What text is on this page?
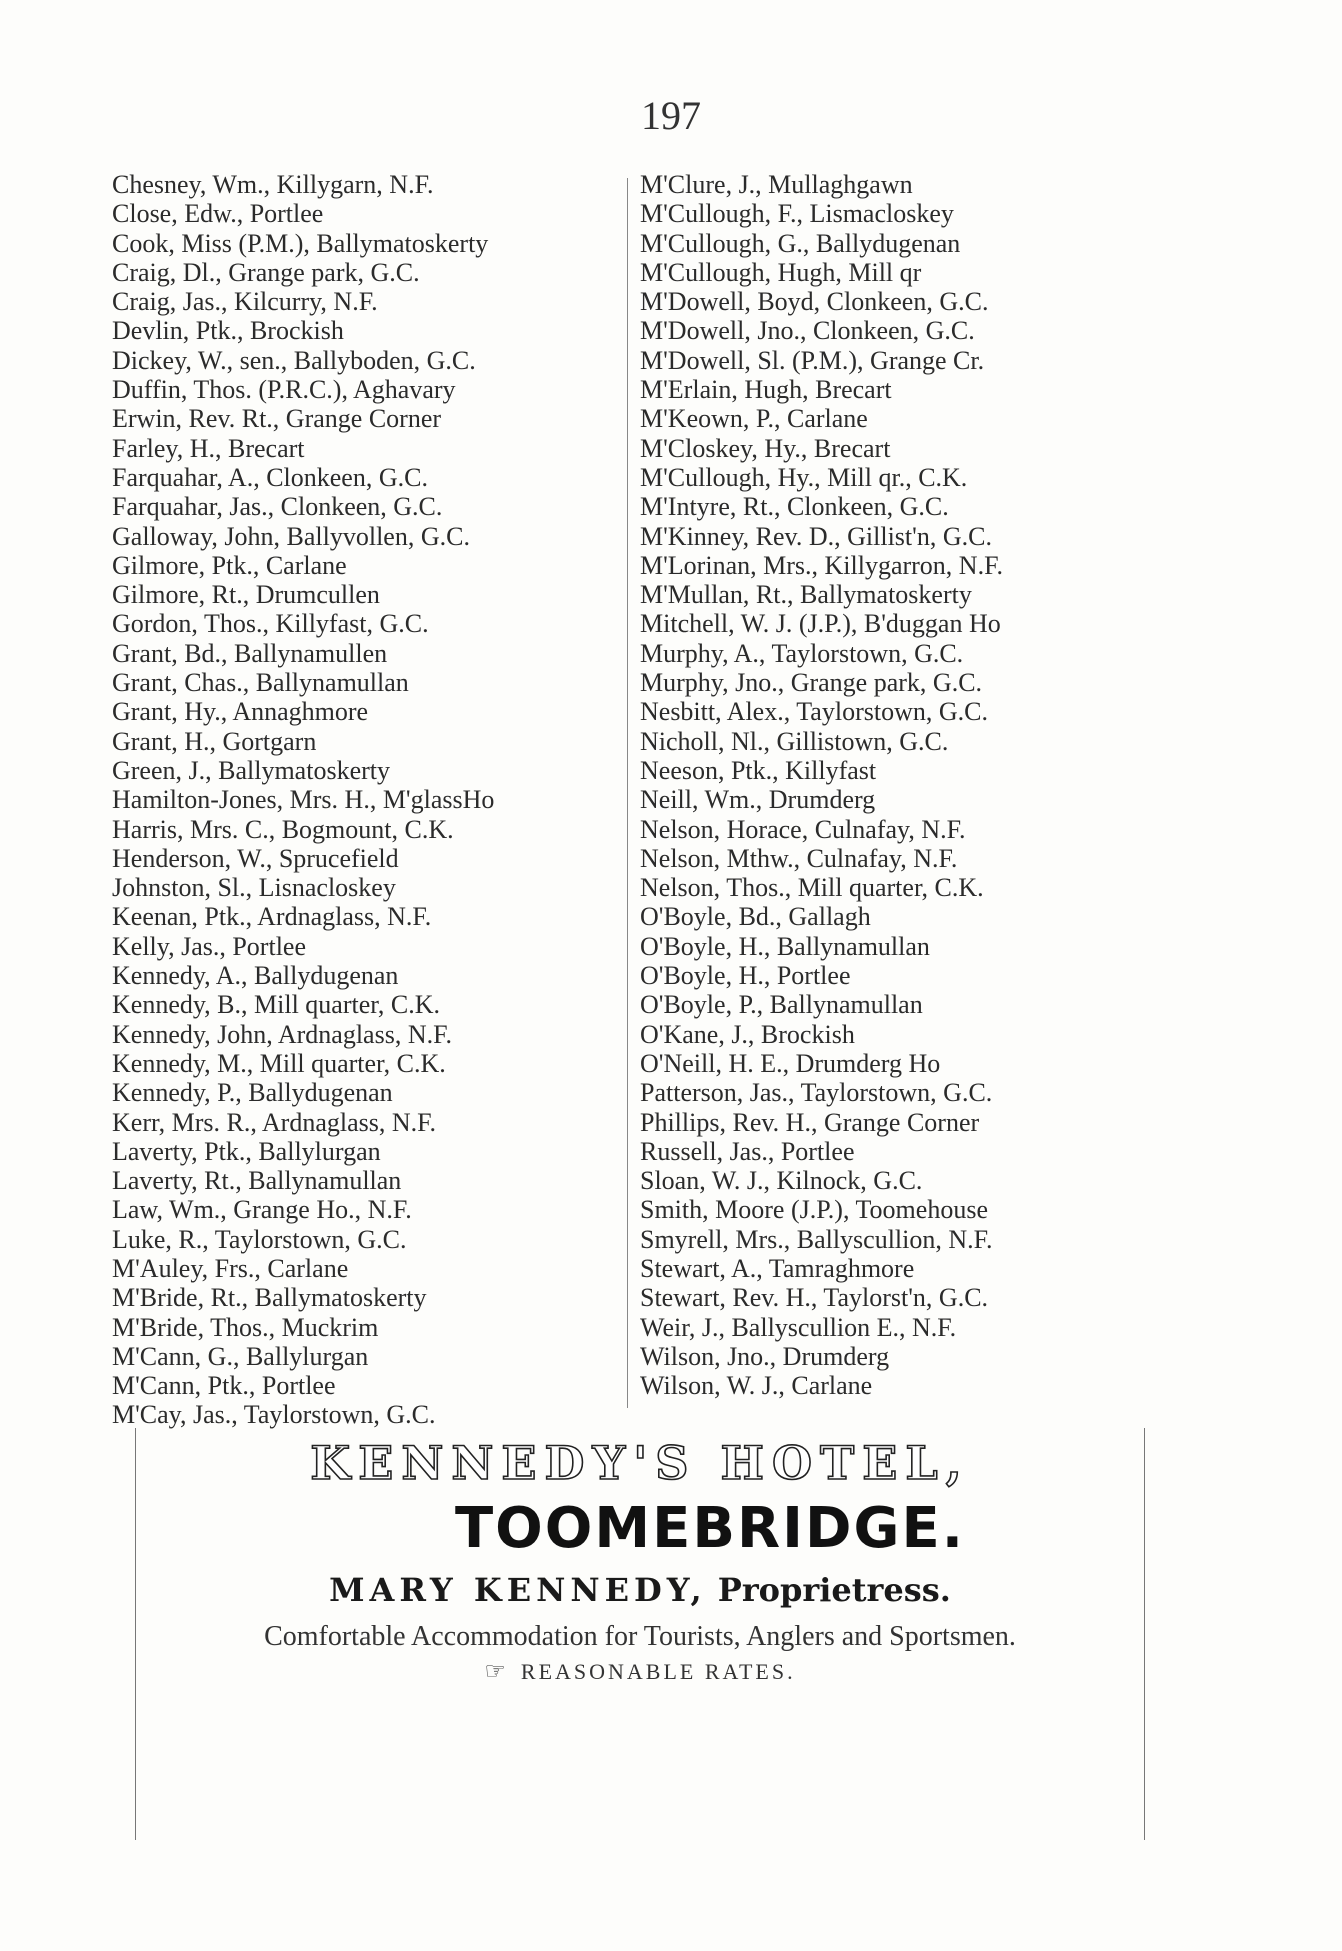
197
Chesney, Wm., Killygarn, N.F.
Close, Edw., Portlee
Cook, Miss (P.M.), Ballymatoskerty
Craig, Dl., Grange park, G.C.
Craig, Jas., Kilcurry, N.F.
Devlin, Ptk., Brockish
Dickey, W., sen., Ballyboden, G.C.
Duffin, Thos. (P.R.C.), Aghavary
Erwin, Rev. Rt., Grange Corner
Farley, H., Brecart
Farquahar, A., Clonkeen, G.C.
Farquahar, Jas., Clonkeen, G.C.
Galloway, John, Ballyvollen, G.C.
Gilmore, Ptk., Carlane
Gilmore, Rt., Drumcullen
Gordon, Thos., Killyfast, G.C.
Grant, Bd., Ballynamullen
Grant, Chas., Ballynamullan
Grant, Hy., Annaghmore
Grant, H., Gortgarn
Green, J., Ballymatoskerty
Hamilton-Jones, Mrs. H., M'glassHo
Harris, Mrs. C., Bogmount, C.K.
Henderson, W., Sprucefield
Johnston, Sl., Lisnacloskey
Keenan, Ptk., Ardnaglass, N.F.
Kelly, Jas., Portlee
Kennedy, A., Ballydugenan
Kennedy, B., Mill quarter, C.K.
Kennedy, John, Ardnaglass, N.F.
Kennedy, M., Mill quarter, C.K.
Kennedy, P., Ballydugenan
Kerr, Mrs. R., Ardnaglass, N.F.
Laverty, Ptk., Ballylurgan
Laverty, Rt., Ballynamullan
Law, Wm., Grange Ho., N.F.
Luke, R., Taylorstown, G.C.
M'Auley, Frs., Carlane
M'Bride, Rt., Ballymatoskerty
M'Bride, Thos., Muckrim
M'Cann, G., Ballylurgan
M'Cann, Ptk., Portlee
M'Cay, Jas., Taylorstown, G.C.
M'Clure, J., Mullaghgawn
M'Cullough, F., Lismacloskey
M'Cullough, G., Ballydugenan
M'Cullough, Hugh, Mill qr
M'Dowell, Boyd, Clonkeen, G.C.
M'Dowell, Jno., Clonkeen, G.C.
M'Dowell, Sl. (P.M.), Grange Cr.
M'Erlain, Hugh, Brecart
M'Keown, P., Carlane
M'Closkey, Hy., Brecart
M'Cullough, Hy., Mill qr., C.K.
M'Intyre, Rt., Clonkeen, G.C.
M'Kinney, Rev. D., Gillist'n, G.C.
M'Lorinan, Mrs., Killygarron, N.F.
M'Mullan, Rt., Ballymatoskerty
Mitchell, W. J. (J.P.), B'duggan Ho
Murphy, A., Taylorstown, G.C.
Murphy, Jno., Grange park, G.C.
Nesbitt, Alex., Taylorstown, G.C.
Nicholl, Nl., Gillistown, G.C.
Neeson, Ptk., Killyfast
Neill, Wm., Drumderg
Nelson, Horace, Culnafay, N.F.
Nelson, Mthw., Culnafay, N.F.
Nelson, Thos., Mill quarter, C.K.
O'Boyle, Bd., Gallagh
O'Boyle, H., Ballynamullan
O'Boyle, H., Portlee
O'Boyle, P., Ballynamullan
O'Kane, J., Brockish
O'Neill, H. E., Drumderg Ho
Patterson, Jas., Taylorstown, G.C.
Phillips, Rev. H., Grange Corner
Russell, Jas., Portlee
Sloan, W. J., Kilnock, G.C.
Smith, Moore (J.P.), Toomehouse
Smyrell, Mrs., Ballyscullion, N.F.
Stewart, A., Tamraghmore
Stewart, Rev. H., Taylorst'n, G.C.
Weir, J., Ballyscullion E., N.F.
Wilson, Jno., Drumderg
Wilson, W. J., Carlane
KENNEDY'S HOTEL,
TOOMEBRIDGE.
MARY KENNEDY, Proprietress.
Comfortable Accommodation for Tourists, Anglers and Sportsmen.
☞ REASONABLE RATES.
